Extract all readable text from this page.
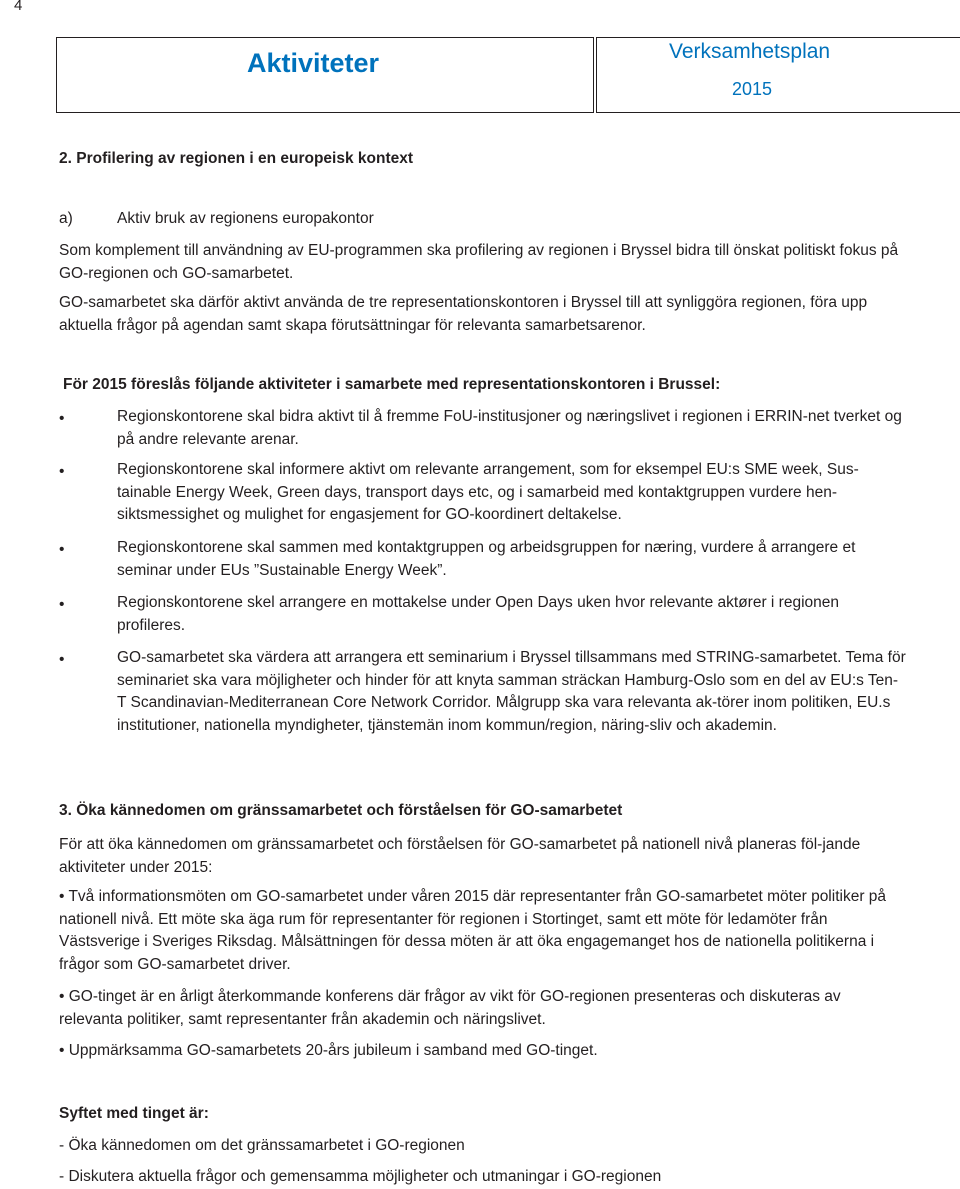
4
Aktiviteter	Verksamhetsplan
2015

2. Profilering av regionen i en europeisk kontext

a)	Aktiv bruk av regionens europakontor

Som komplement till användning av EU-programmen ska profilering av regionen i Bryssel bidra till önskat politiskt fokus på GO-regionen och GO-samarbetet.

GO-samarbetet ska därför aktivt använda de tre representationskontoren i Bryssel till att synliggöra regionen, föra upp aktuella frågor på agendan samt skapa förutsättningar för relevanta samarbetsarenor.

För 2015 föreslås följande aktiviteter i samarbete med representationskontoren i Brussel:

•	Regionskontorene skal bidra aktivt til å fremme FoU-institusjoner og næringslivet i regionen i ERRIN-net tverket og på andre relevante arenar.

•	Regionskontorene skal informere aktivt om relevante arrangement, som for eksempel EU:s SME week, Sus-tainable Energy Week, Green days, transport days etc, og i samarbeid med kontaktgruppen vurdere hen-siktsmessighet og mulighet for engasjement for GO-koordinert deltakelse.

•	Regionskontorene skal sammen med kontaktgruppen og arbeidsgruppen for næring, vurdere å arrangere et seminar under EUs ”Sustainable Energy Week”.

•	Regionskontorene skel arrangere en mottakelse under Open Days uken hvor relevante aktører i regionen profileres.

•	GO-samarbetet ska värdera att arrangera ett seminarium i Bryssel tillsammans med STRING-samarbetet. Tema för seminariet ska vara möjligheter och hinder för att knyta samman sträckan Hamburg-Oslo som en del av EU:s Ten-T Scandinavian-Mediterranean Core Network Corridor. Målgrupp ska vara relevanta ak-törer inom politiken, EU.s institutioner, nationella myndigheter, tjänstemän inom kommun/region, näring-sliv och akademin.

3. Öka kännedomen om gränssamarbetet och förståelsen för GO-samarbetet

För att öka kännedomen om gränssamarbetet och förståelsen för GO-samarbetet på nationell nivå planeras föl-jande aktiviteter under 2015:

• Två informationsmöten om GO-samarbetet under våren 2015 där representanter från GO-samarbetet möter politiker på nationell nivå. Ett möte ska äga rum för representanter för regionen i Stortinget, samt ett möte för ledamöter från Västsverige i Sveriges Riksdag. Målsättningen för dessa möten är att öka engagemanget hos de nationella politikerna i frågor som GO-samarbetet driver.

• GO-tinget är en årligt återkommande konferens där frågor av vikt för GO-regionen presenteras och diskuteras av relevanta politiker, samt representanter från akademin och näringslivet.

• Uppmärksamma GO-samarbetets 20-års jubileum i samband med GO-tinget.

Syftet med tinget är:

- Öka kännedomen om det gränssamarbetet i GO-regionen

- Diskutera aktuella frågor och gemensamma möjligheter och utmaningar i GO-regionen
